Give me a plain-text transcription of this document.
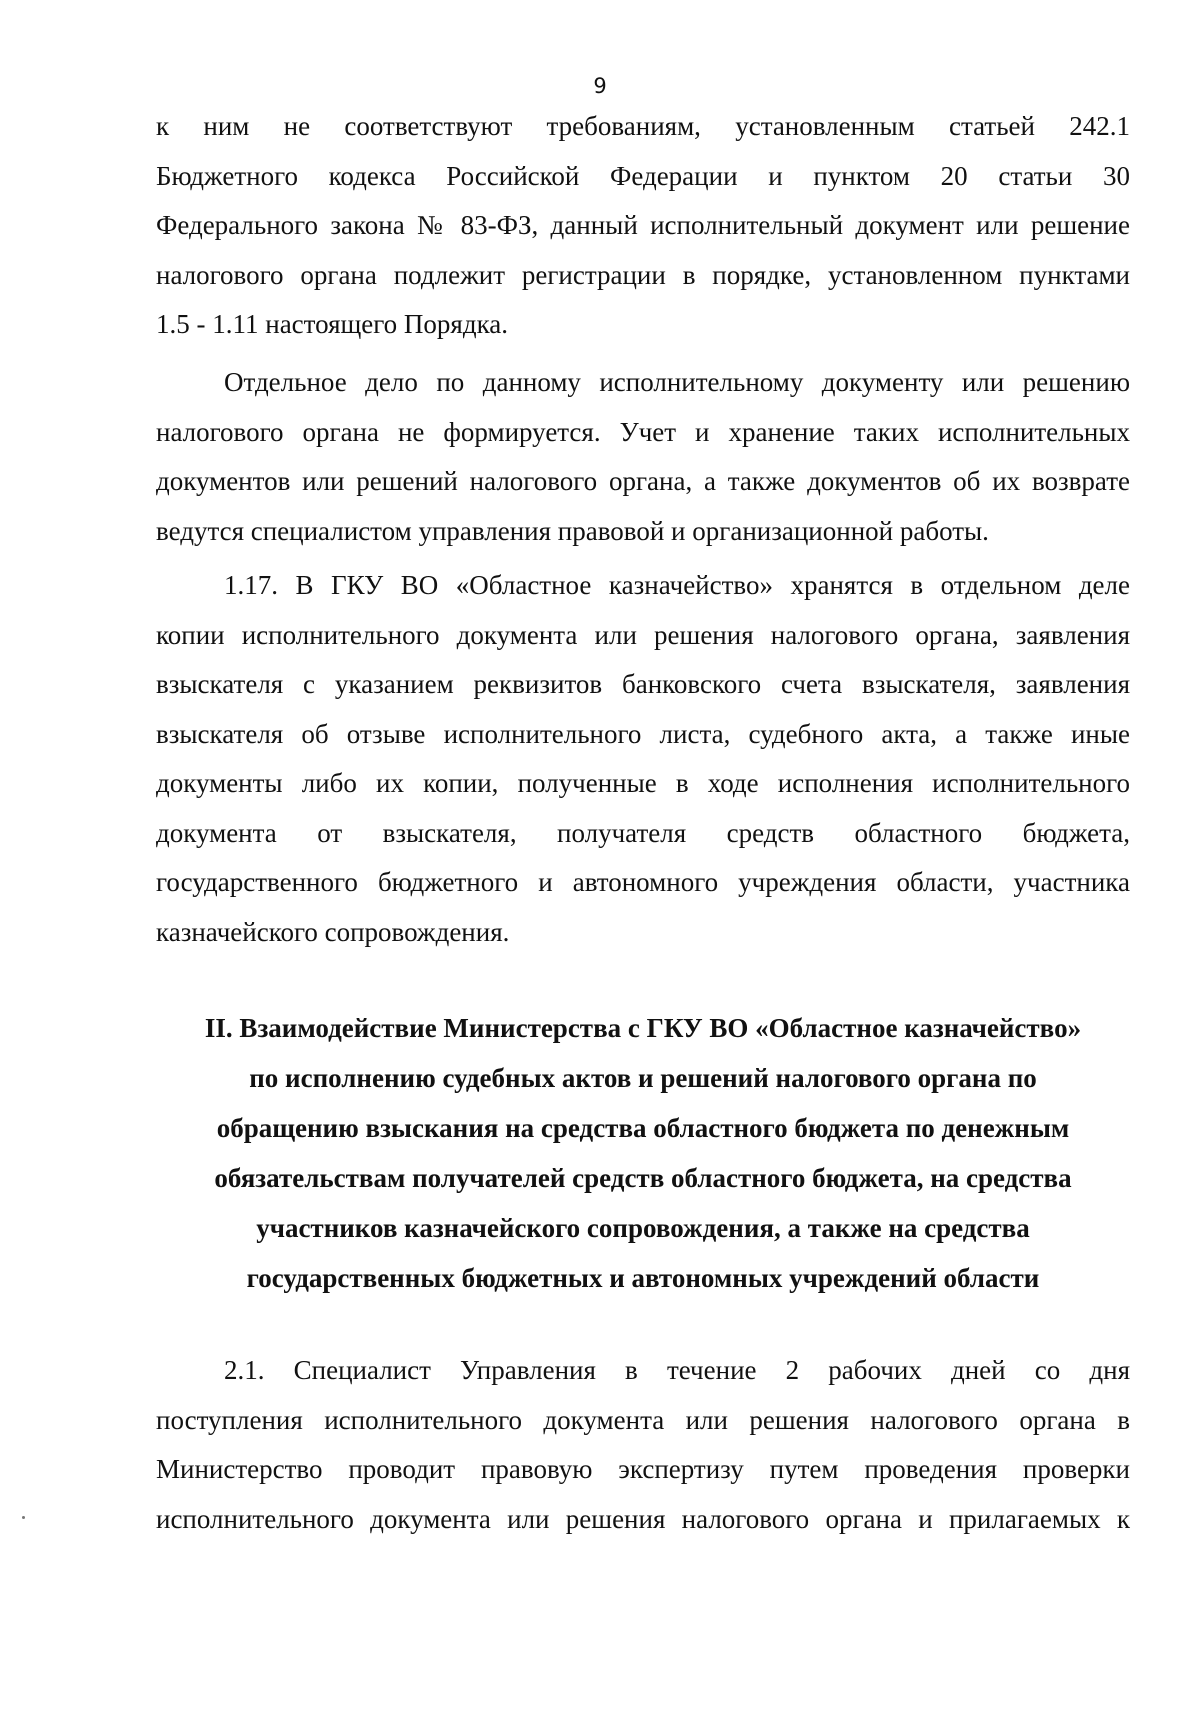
9
к ним не соответствуют требованиям, установленным статьей 242.1
Бюджетного кодекса Российской Федерации и пунктом 20 статьи 30
Федерального закона № 83-ФЗ, данный исполнительный документ или решение
налогового органа подлежит регистрации в порядке, установленном пунктами
1.5 - 1.11 настоящего Порядка.
Отдельное дело по данному исполнительному документу или решению
налогового органа не формируется. Учет и хранение таких исполнительных
документов или решений налогового органа, а также документов об их возврате
ведутся специалистом управления правовой и организационной работы.
1.17. В ГКУ ВО «Областное казначейство» хранятся в отдельном деле
копии исполнительного документа или решения налогового органа, заявления
взыскателя с указанием реквизитов банковского счета взыскателя, заявления
взыскателя об отзыве исполнительного листа, судебного акта, а также иные
документы либо их копии, полученные в ходе исполнения исполнительного
документа от взыскателя, получателя средств областного бюджета,
государственного бюджетного и автономного учреждения области, участника
казначейского сопровождения.
II. Взаимодействие Министерства с ГКУ ВО «Областное казначейство»
по исполнению судебных актов и решений налогового органа по
обращению взыскания на средства областного бюджета по денежным
обязательствам получателей средств областного бюджета, на средства
участников казначейского сопровождения, а также на средства
государственных бюджетных и автономных учреждений области
2.1. Специалист Управления в течение 2 рабочих дней со дня
поступления исполнительного документа или решения налогового органа в
Министерство проводит правовую экспертизу путем проведения проверки
исполнительного документа или решения налогового органа и прилагаемых к
